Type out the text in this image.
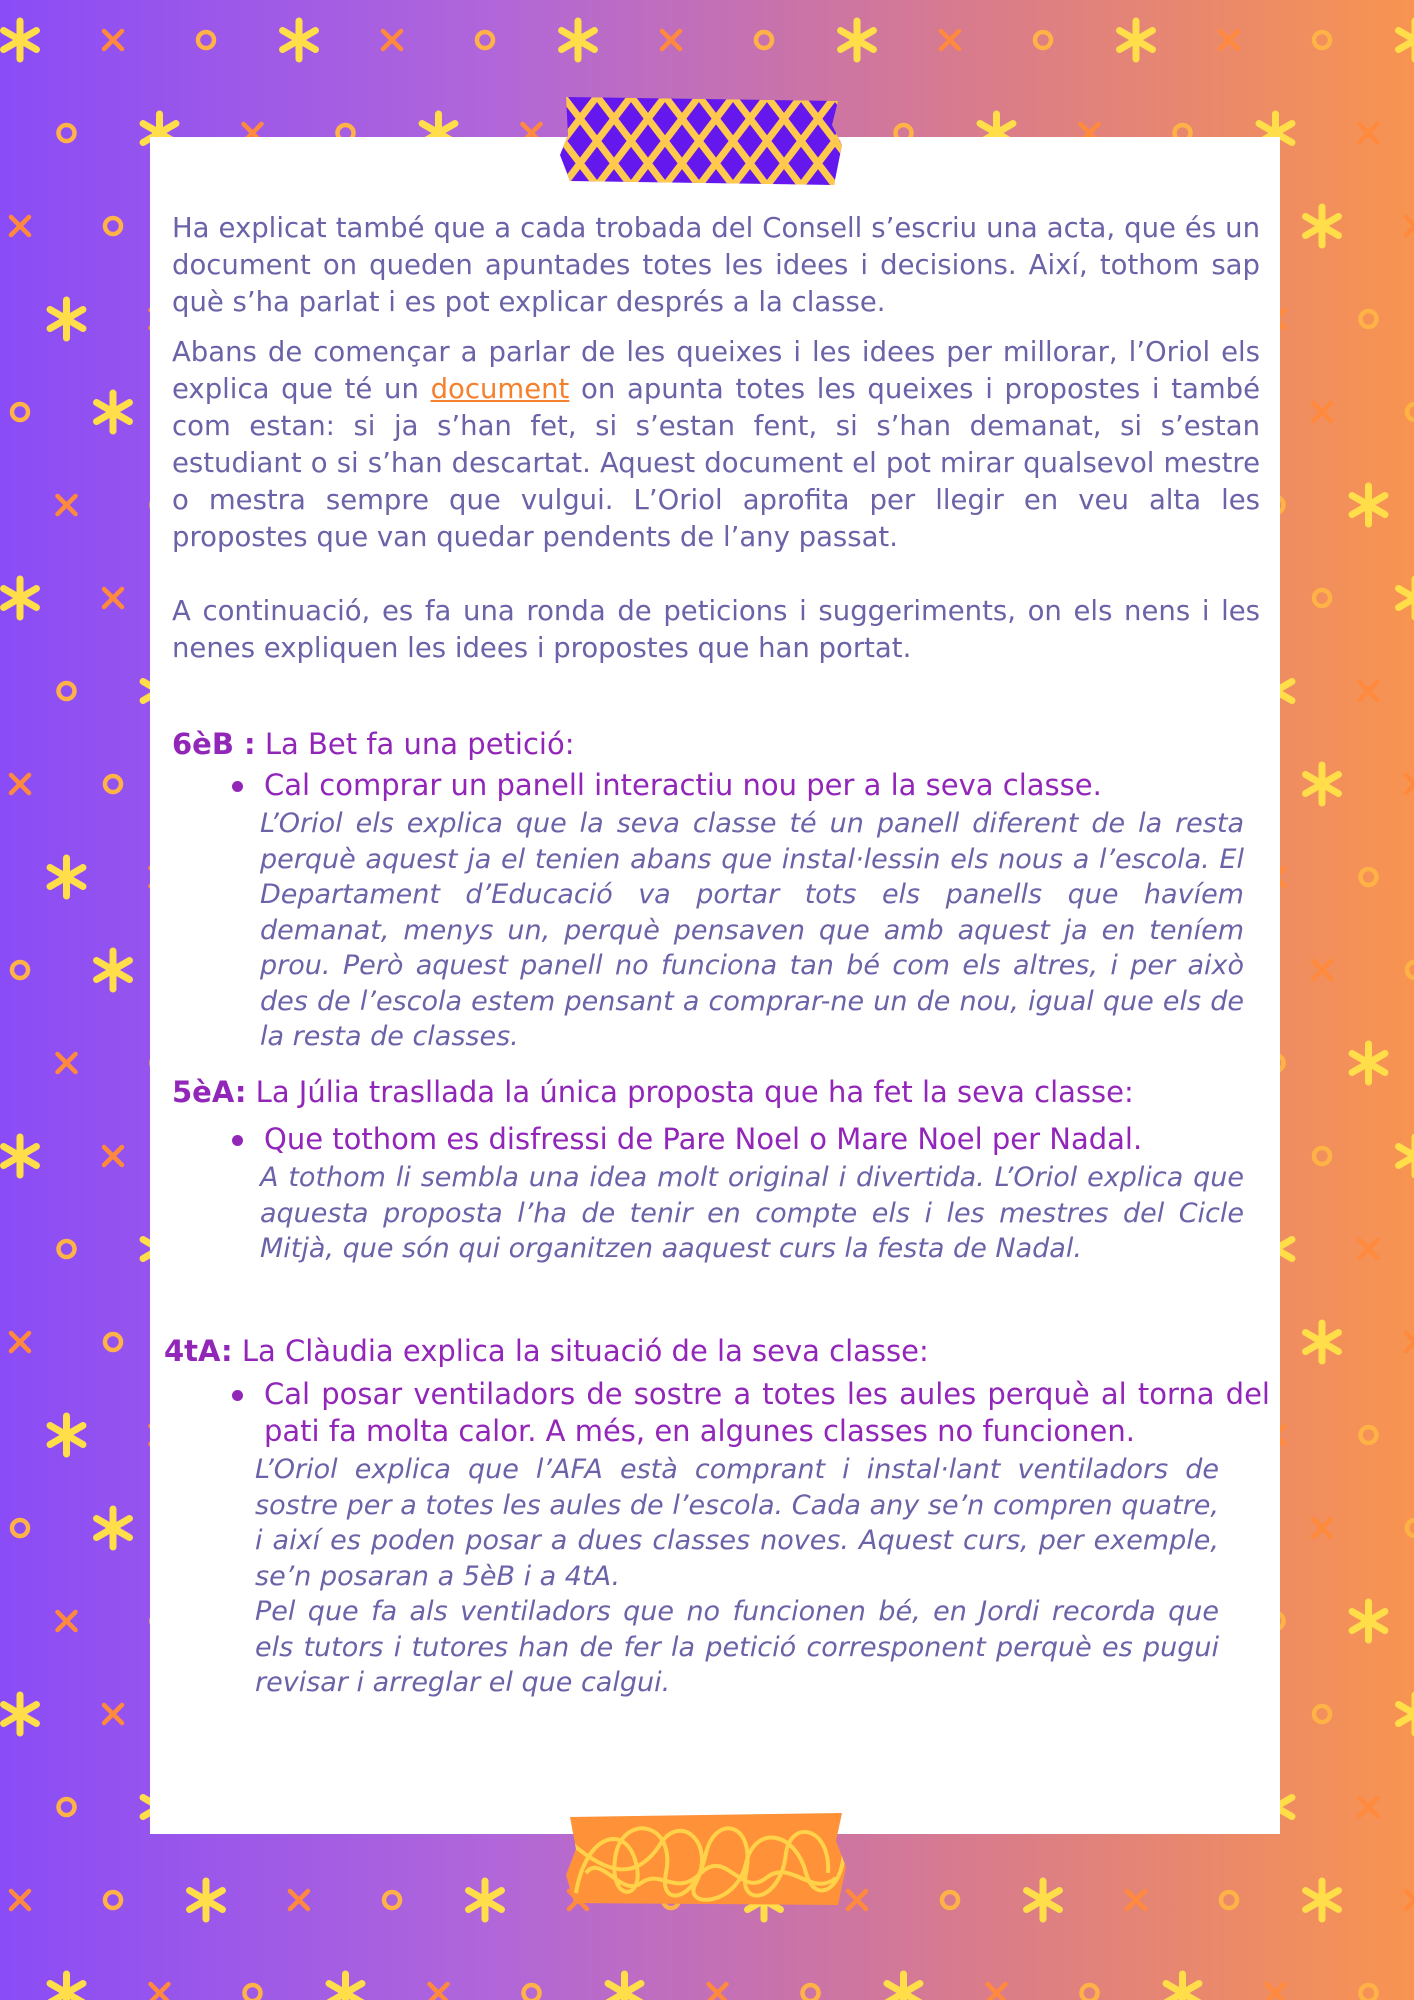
Ha explicat també que a cada trobada del Consell s’escriu una acta, que és un document on queden apuntades totes les idees i decisions. Així, tothom sap què s’ha parlat i es pot explicar després a la classe.

Abans de començar a parlar de les queixes i les idees per millorar, l’Oriol els explica que té un document on apunta totes les queixes i propostes i també com estan: si ja s’han fet, si s’estan fent, si s’han demanat, si s’estan estudiant o si s’han descartat. Aquest document el pot mirar qualsevol mestre o mestra sempre que vulgui. L’Oriol aprofita per llegir en veu alta les propostes que van quedar pendents de l’any passat.

A continuació, es fa una ronda de peticions i suggeriments, on els nens i les nenes expliquen les idees i propostes que han portat.

6èB : La Bet fa una petició:
Cal comprar un panell interactiu nou per a la seva classe.

L’Oriol els explica que la seva classe té un panell diferent de la resta perquè aquest ja el tenien abans que instal·lessin els nous a l’escola. El Departament d’Educació va portar tots els panells que havíem demanat, menys un, perquè pensaven que amb aquest ja en teníem prou. Però aquest panell no funciona tan bé com els altres, i per això des de l’escola estem pensant a comprar-ne un de nou, igual que els de la resta de classes.

5èA: La Júlia trasllada la única proposta que ha fet la seva classe:
Que tothom es disfressi de Pare Noel o Mare Noel per Nadal.

A tothom li sembla una idea molt original i divertida. L’Oriol explica que aquesta proposta l’ha de tenir en compte els i les mestres del Cicle Mitjà, que són qui organitzen aaquest curs la festa de Nadal.

4tA: La Clàudia explica la situació de la seva classe:
Cal posar ventiladors de sostre a totes les aules perquè al torna del pati fa molta calor. A més, en algunes classes no funcionen.

L’Oriol explica que l’AFA està comprant i instal·lant ventiladors de sostre per a totes les aules de l’escola. Cada any se’n compren quatre, i així es poden posar a dues classes noves. Aquest curs, per exemple, se’n posaran a 5èB i a 4tA.

Pel que fa als ventiladors que no funcionen bé, en Jordi recorda que els tutors i tutores han de fer la petició corresponent perquè es pugui revisar i arreglar el que calgui.
